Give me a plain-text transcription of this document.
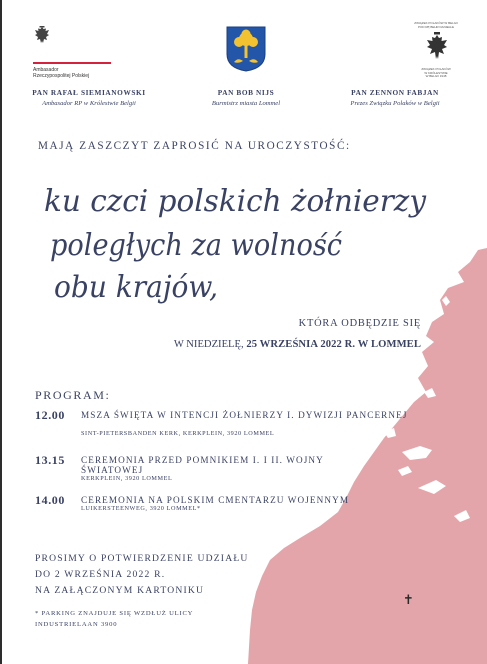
Ambasador
Rzeczypospolitej Polskiej
ZWIĄZEK POLAKÓW W BELGII
POD RĘ BEHR DANIEŁŁE
ZWIĄZEK POLAKÓW
W KRÓLESTWIE
W BELGII 1948
PAN RAFAŁ SIEMIANOWSKI
Ambasador RP w Królestwie Belgii
PAN BOB NIJS
Burmistrz miasta Lommel
PAN ZENNON FABJAN
Prezes Związku Polaków w Belgii
MAJĄ ZASZCZYT ZAPROSIĆ NA UROCZYSTOŚĆ:
ku czci polskich żołnierzy
poległych za wolność
obu krajów,
KTÓRA ODBĘDZIE SIĘ
W NIEDZIELĘ, 25 WRZEŚNIA 2022 R. W LOMMEL
PROGRAM:
12.00 MSZA ŚWIĘTA W INTENCJI ŻOŁNIERZY I. DYWIZJI PANCERNEJ
SINT-PIETERSBANDEN KERK, KERKPLEIN, 3920 LOMMEL
13.15 CEREMONIA PRZED POMNIKIEM I. I II. WOJNY ŚWIATOWEJ
KERKPLEIN, 3920 LOMMEL
14.00 CEREMONIA NA POLSKIM CMENTARZU WOJENNYM
LUIKERSTEENWEG, 3920 LOMMEL*
PROSIMY O POTWIERDZENIE UDZIAŁU
DO 2 WRZEŚNIA 2022 R.
NA ZAŁĄCZONYM KARTONIKU
* PARKING ZNAJDUJE SIĘ WZDŁUŻ ULICY
INDUSTRIELAAN 3900
✝
